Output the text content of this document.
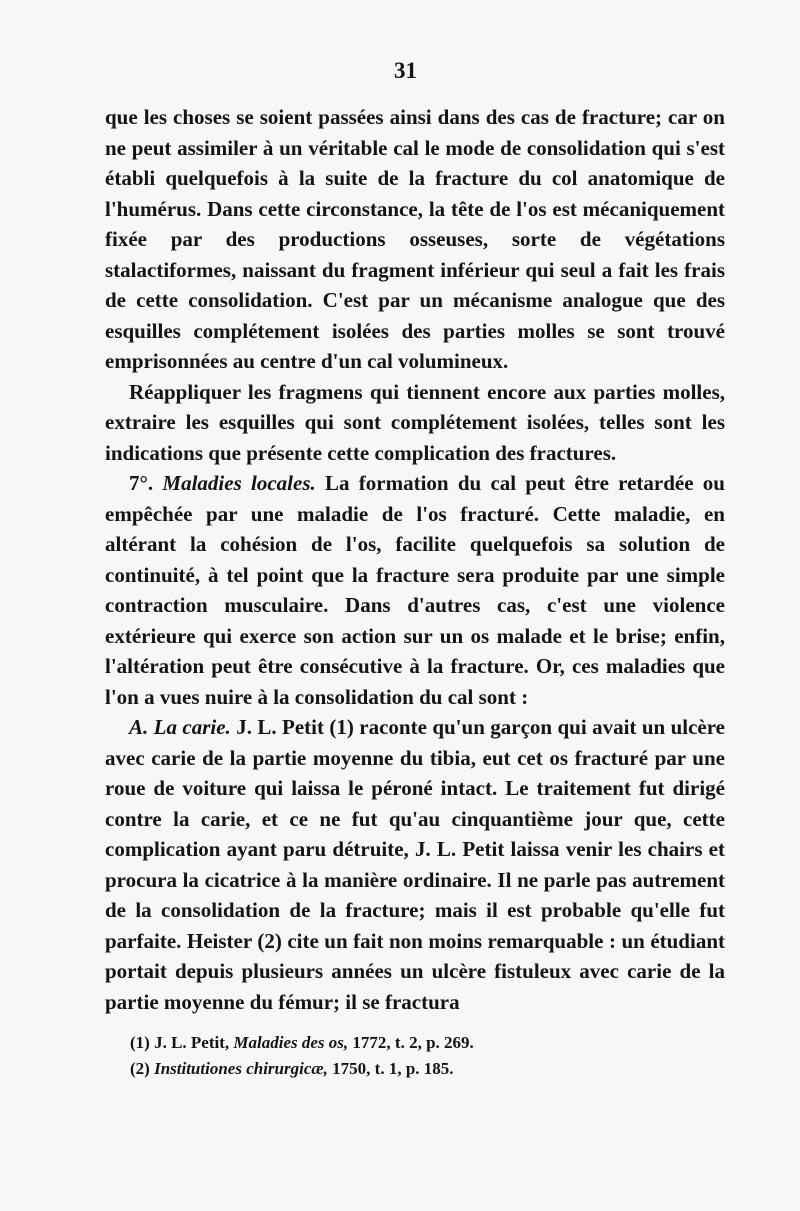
31

que les choses se soient passées ainsi dans des cas de fracture; car on ne peut assimiler à un véritable cal le mode de consolidation qui s'est établi quelquefois à la suite de la fracture du col anatomique de l'humérus. Dans cette circonstance, la tête de l'os est mécaniquement fixée par des productions osseuses, sorte de végétations stalactiformes, naissant du fragment inférieur qui seul a fait les frais de cette consolidation. C'est par un mécanisme analogue que des esquilles complétement isolées des parties molles se sont trouvé emprisonnées au centre d'un cal volumineux.

Réappliquer les fragmens qui tiennent encore aux parties molles, extraire les esquilles qui sont complétement isolées, telles sont les indications que présente cette complication des fractures.

7°. Maladies locales. La formation du cal peut être retardée ou empêchée par une maladie de l'os fracturé. Cette maladie, en altérant la cohésion de l'os, facilite quelquefois sa solution de continuité, à tel point que la fracture sera produite par une simple contraction musculaire. Dans d'autres cas, c'est une violence extérieure qui exerce son action sur un os malade et le brise; enfin, l'altération peut être consécutive à la fracture. Or, ces maladies que l'on a vues nuire à la consolidation du cal sont :

A. La carie. J. L. Petit (1) raconte qu'un garçon qui avait un ulcère avec carie de la partie moyenne du tibia, eut cet os fracturé par une roue de voiture qui laissa le péroné intact. Le traitement fut dirigé contre la carie, et ce ne fut qu'au cinquantième jour que, cette complication ayant paru détruite, J. L. Petit laissa venir les chairs et procura la cicatrice à la manière ordinaire. Il ne parle pas autrement de la consolidation de la fracture; mais il est probable qu'elle fut parfaite. Heister (2) cite un fait non moins remarquable : un étudiant portait depuis plusieurs années un ulcère fistuleux avec carie de la partie moyenne du fémur; il se fractura

(1) J. L. Petit, Maladies des os, 1772, t. 2, p. 269.

(2) Institutiones chirurgicæ, 1750, t. 1, p. 185.
